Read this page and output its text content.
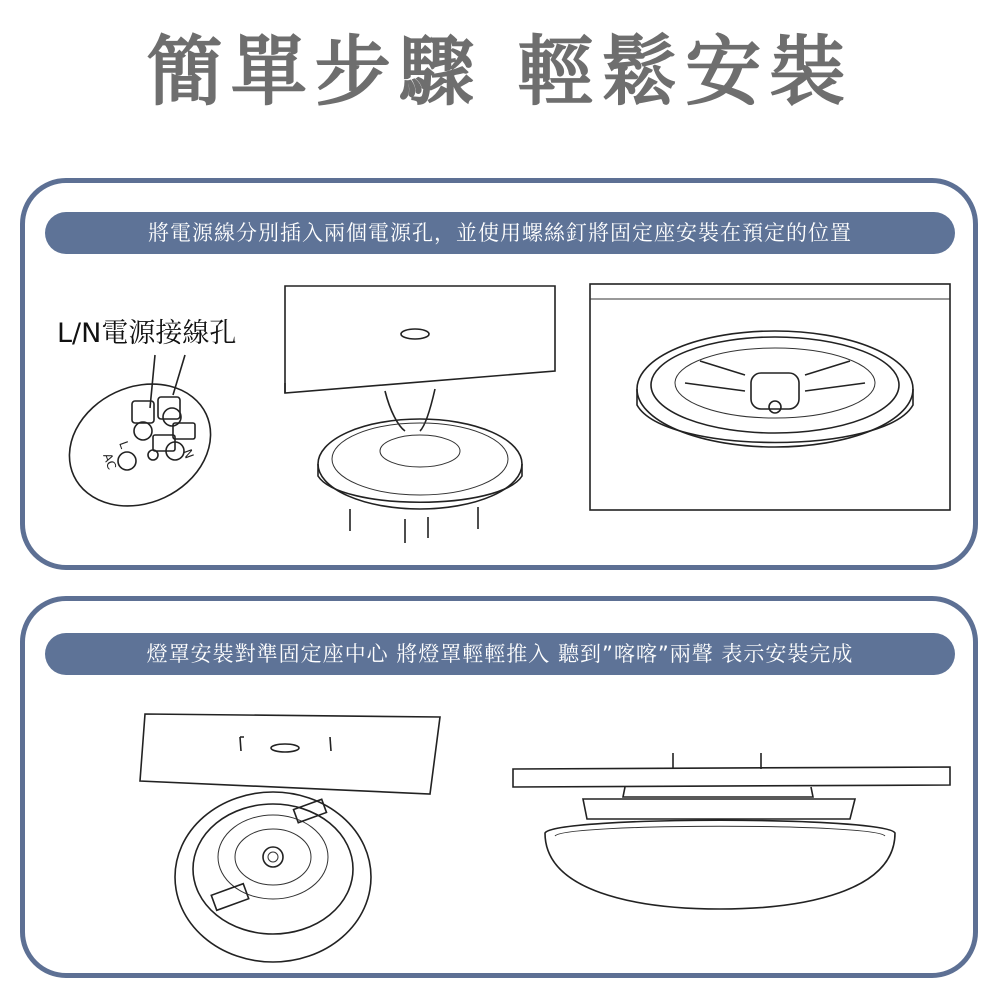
簡單步驟 輕鬆安裝
將電源線分別插入兩個電源孔，並使用螺絲釘將固定座安裝在預定的位置
L/N電源接線孔
AC
L
N
燈罩安裝對準固定座中心 將燈罩輕輕推入 聽到”喀喀”兩聲 表示安裝完成
